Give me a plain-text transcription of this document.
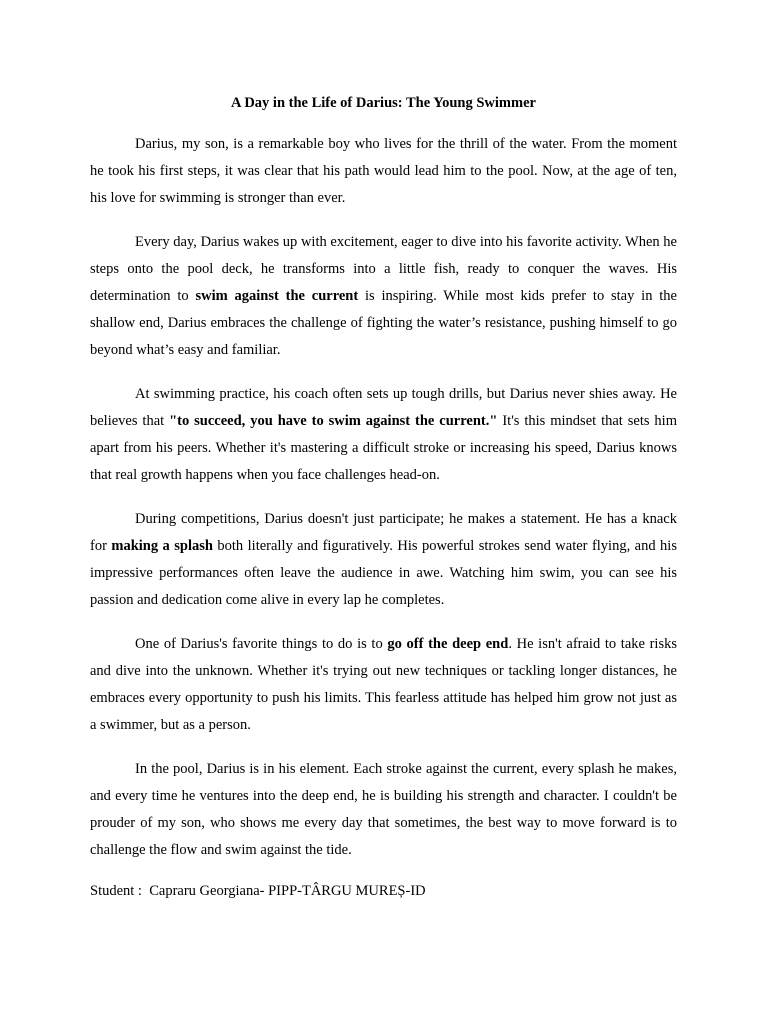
A Day in the Life of Darius: The Young Swimmer

Darius, my son, is a remarkable boy who lives for the thrill of the water. From the moment he took his first steps, it was clear that his path would lead him to the pool. Now, at the age of ten, his love for swimming is stronger than ever.

Every day, Darius wakes up with excitement, eager to dive into his favorite activity. When he steps onto the pool deck, he transforms into a little fish, ready to conquer the waves. His determination to swim against the current is inspiring. While most kids prefer to stay in the shallow end, Darius embraces the challenge of fighting the water’s resistance, pushing himself to go beyond what’s easy and familiar.

At swimming practice, his coach often sets up tough drills, but Darius never shies away. He believes that "to succeed, you have to swim against the current." It's this mindset that sets him apart from his peers. Whether it's mastering a difficult stroke or increasing his speed, Darius knows that real growth happens when you face challenges head-on.

During competitions, Darius doesn't just participate; he makes a statement. He has a knack for making a splash both literally and figuratively. His powerful strokes send water flying, and his impressive performances often leave the audience in awe. Watching him swim, you can see his passion and dedication come alive in every lap he completes.

One of Darius's favorite things to do is to go off the deep end. He isn't afraid to take risks and dive into the unknown. Whether it's trying out new techniques or tackling longer distances, he embraces every opportunity to push his limits. This fearless attitude has helped him grow not just as a swimmer, but as a person.

In the pool, Darius is in his element. Each stroke against the current, every splash he makes, and every time he ventures into the deep end, he is building his strength and character. I couldn't be prouder of my son, who shows me every day that sometimes, the best way to move forward is to challenge the flow and swim against the tide.

Student :  Capraru Georgiana- PIPP-TÂRGU MUREȘ-ID
